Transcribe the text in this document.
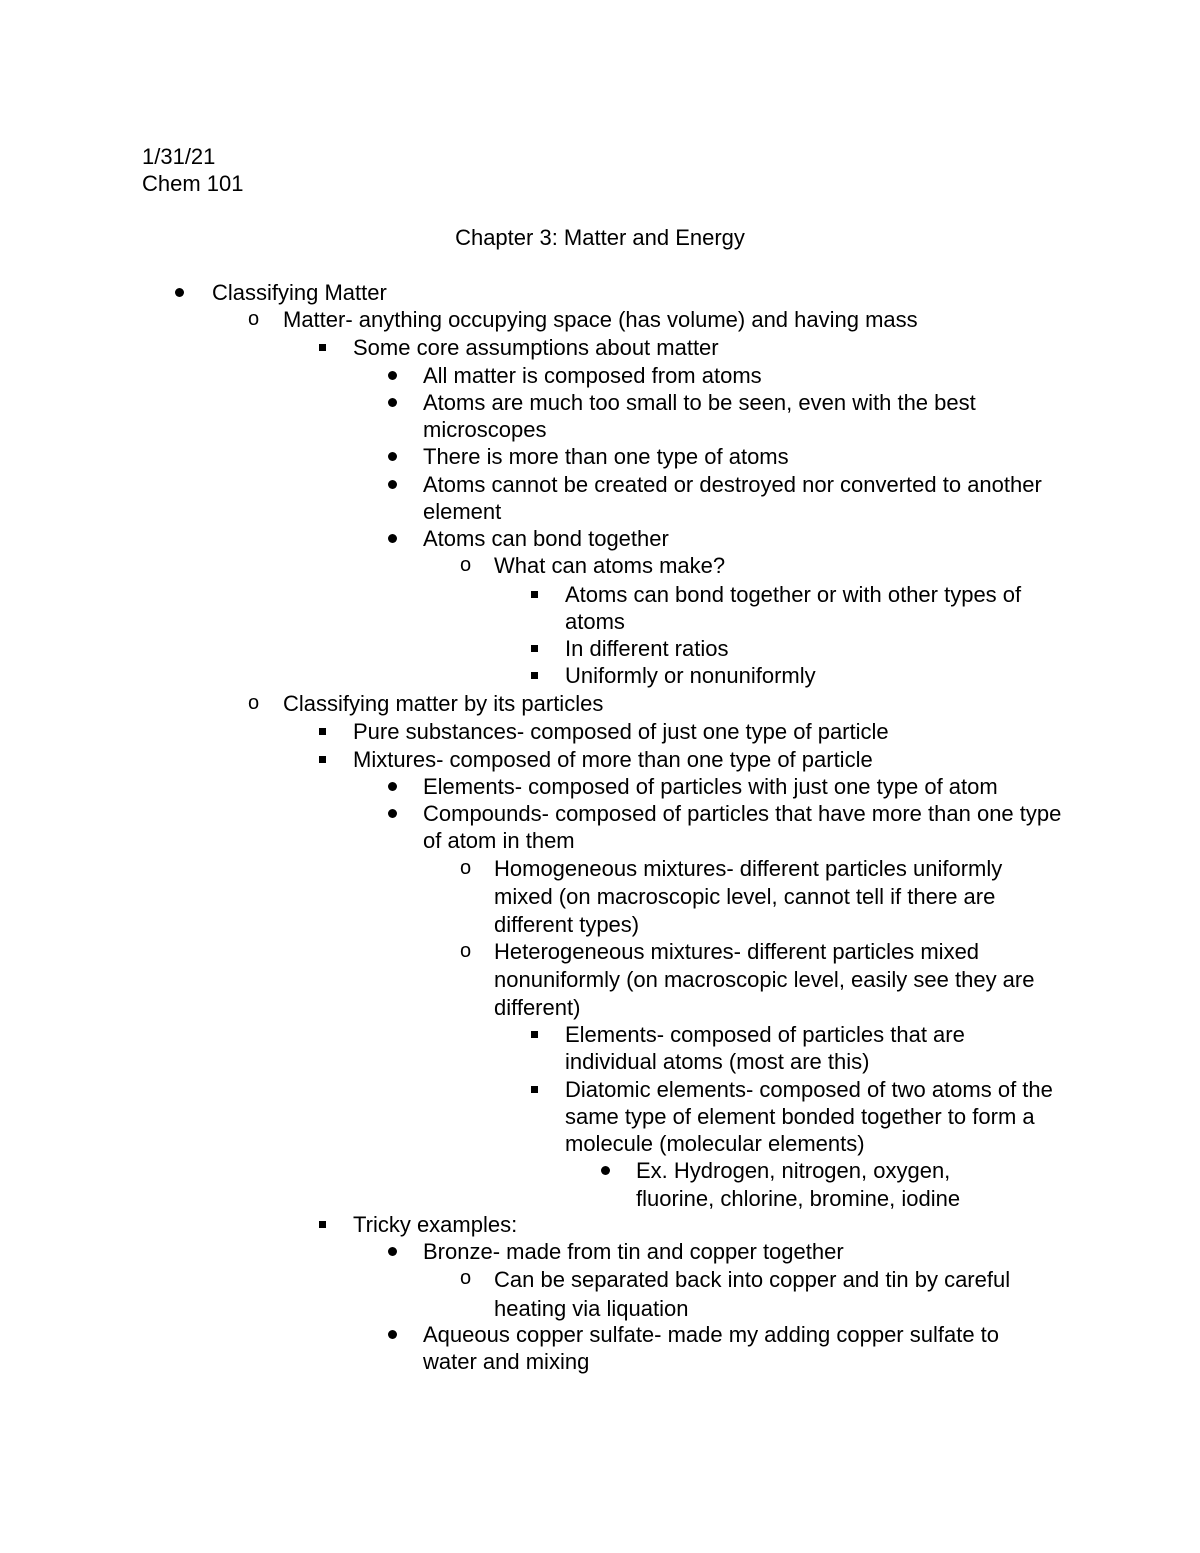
1/31/21
Chem 101
Chapter 3: Matter and Energy
Classifying Matter
o
Matter- anything occupying space (has volume) and having mass
Some core assumptions about matter
All matter is composed from atoms
Atoms are much too small to be seen, even with the best microscopes
There is more than one type of atoms
Atoms cannot be created or destroyed nor converted to another element
Atoms can bond together
o
What can atoms make?
Atoms can bond together or with other types of atoms
In different ratios
Uniformly or nonuniformly
o
Classifying matter by its particles
Pure substances- composed of just one type of particle
Mixtures- composed of more than one type of particle
Elements- composed of particles with just one type of atom
Compounds- composed of particles that have more than one type of atom in them
o
Homogeneous mixtures- different particles uniformly mixed (on macroscopic level, cannot tell if there are different types)
o
Heterogeneous mixtures- different particles mixed nonuniformly (on macroscopic level, easily see they are different)
Elements- composed of particles that are individual atoms (most are this)
Diatomic elements- composed of two atoms of the same type of element bonded together to form a molecule (molecular elements)
Ex. Hydrogen, nitrogen, oxygen, fluorine, chlorine, bromine, iodine
Tricky examples:
Bronze- made from tin and copper together
o
Can be separated back into copper and tin by careful heating via liquation
Aqueous copper sulfate- made my adding copper sulfate to water and mixing
